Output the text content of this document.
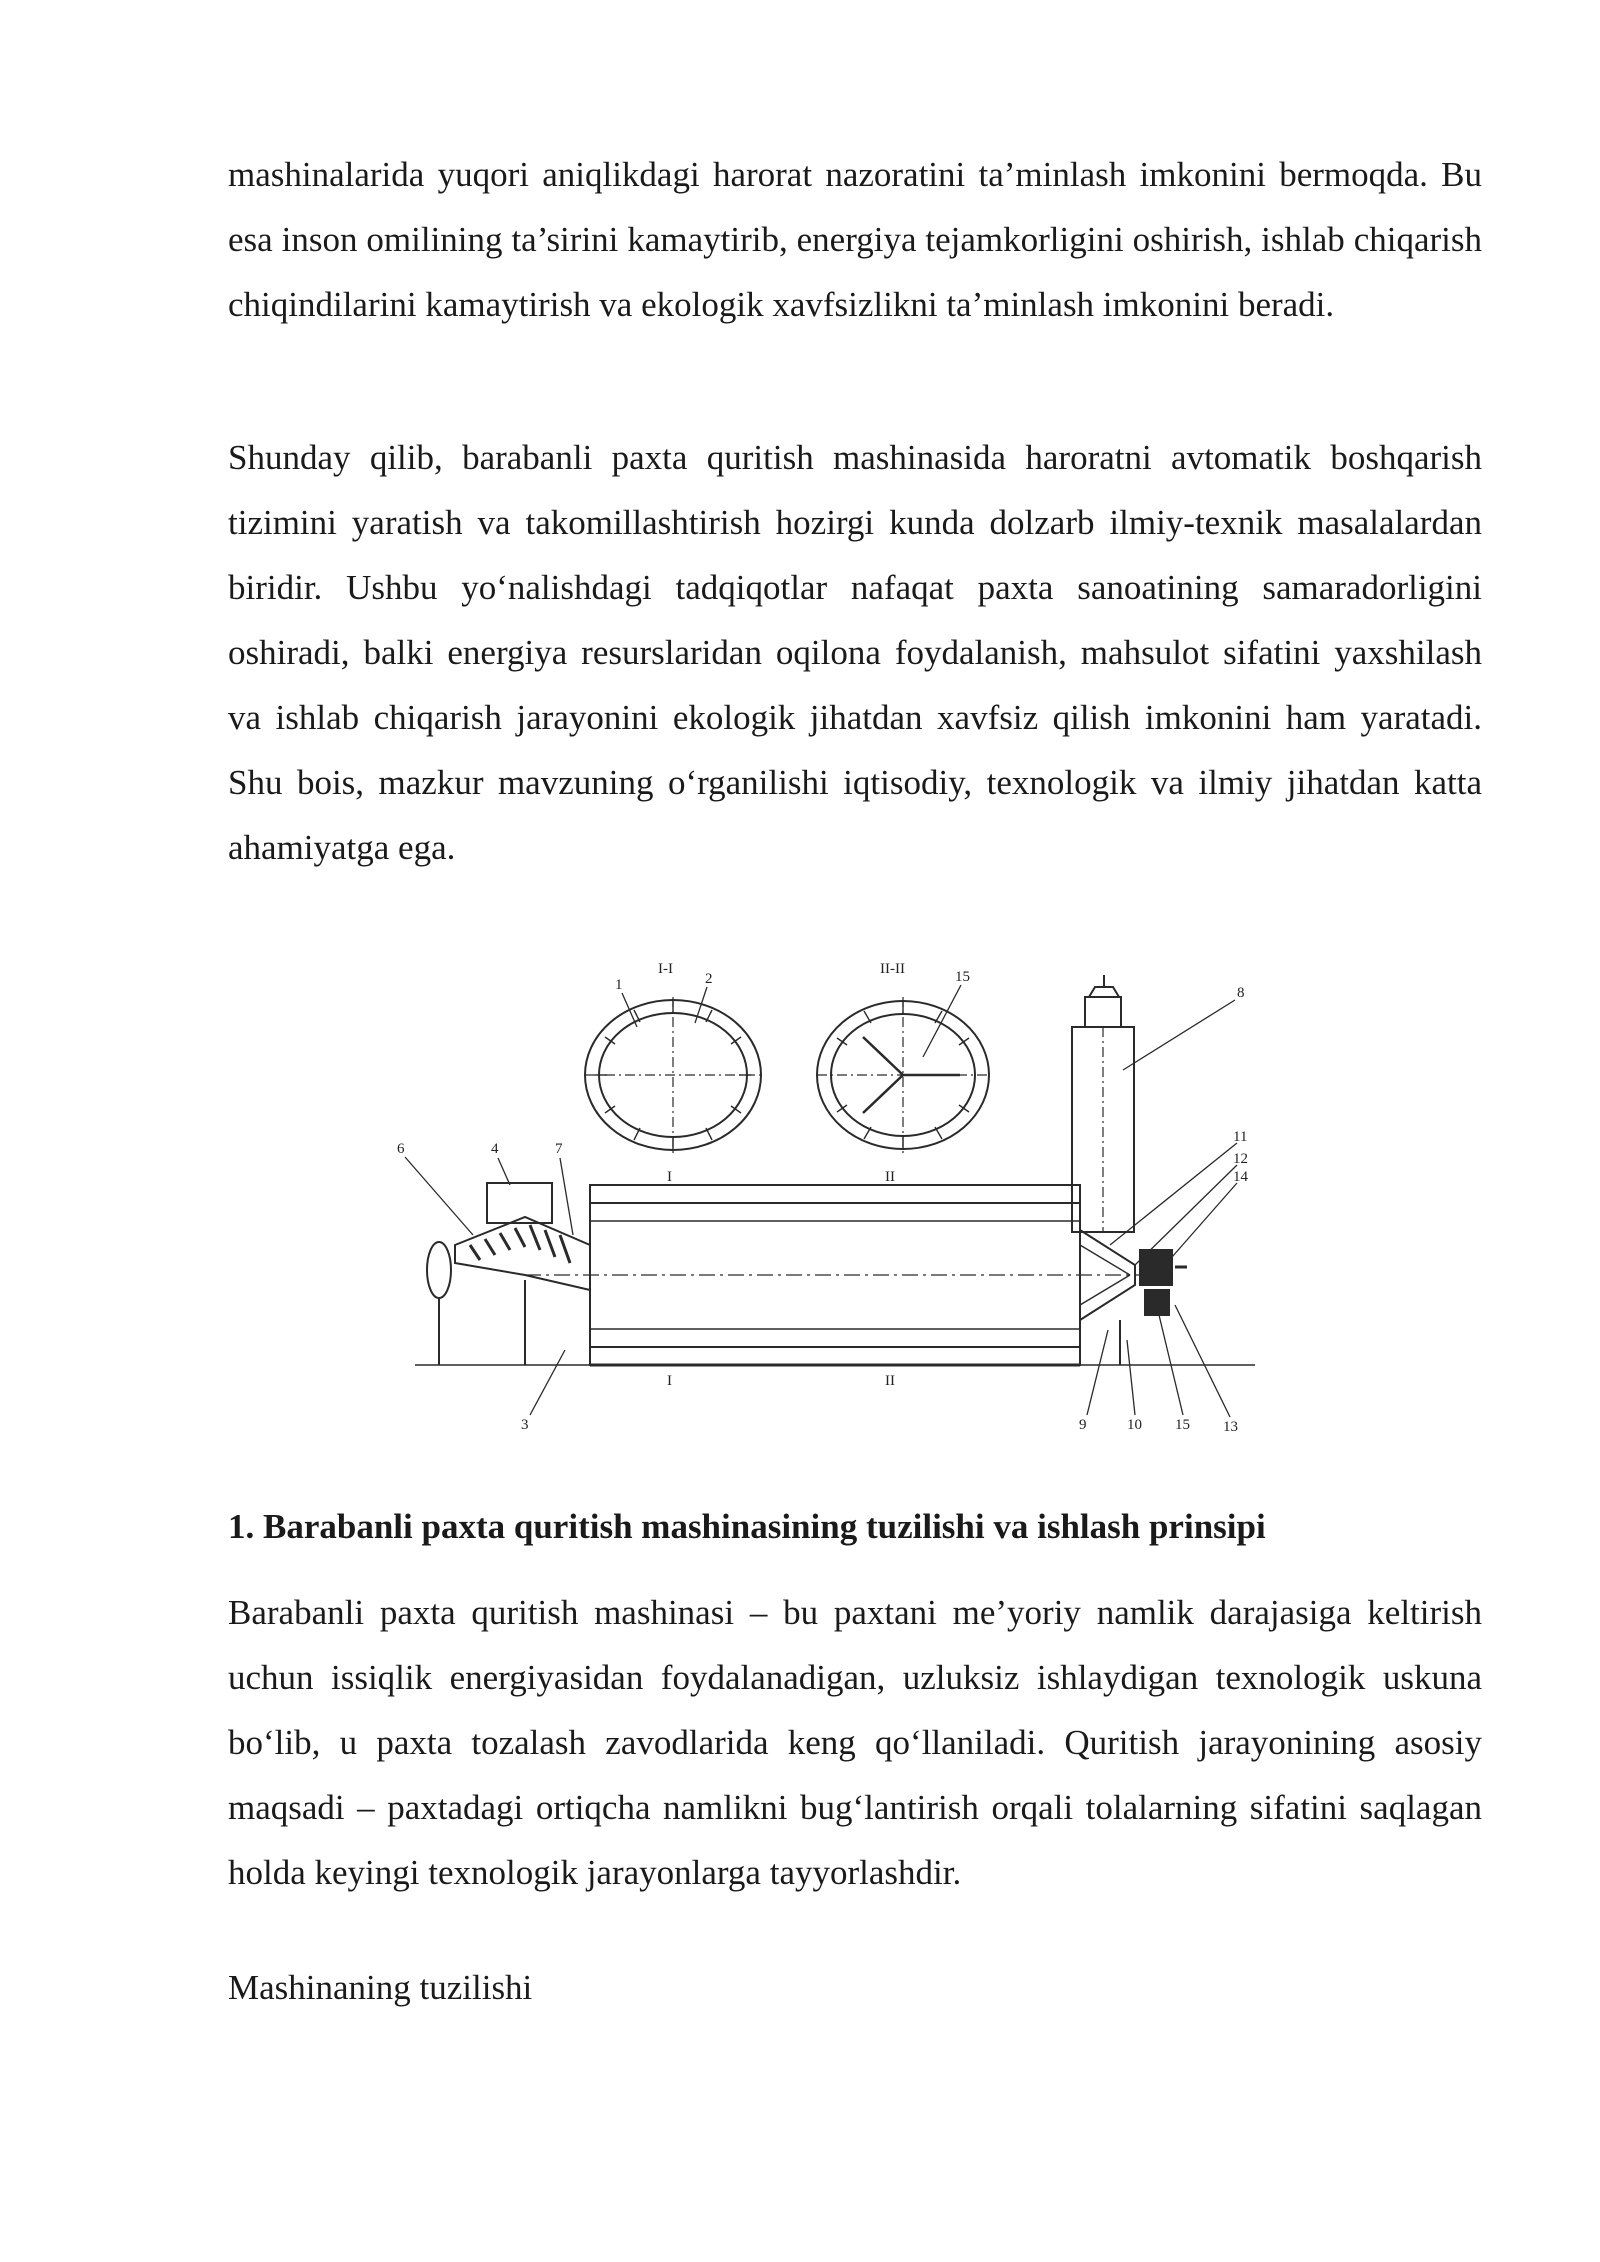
mashinalarida yuqori aniqlikdagi harorat nazoratini ta’minlash imkonini bermoqda. Bu esa inson omilining ta’sirini kamaytirib, energiya tejamkorligini oshirish, ishlab chiqarish chiqindilarini kamaytirish va ekologik xavfsizlikni ta’minlash imkonini beradi.

Shunday qilib, barabanli paxta quritish mashinasida haroratni avtomatik boshqarish tizimini yaratish va takomillashtirish hozirgi kunda dolzarb ilmiy-texnik masalalardan biridir. Ushbu yo‘nalishdagi tadqiqotlar nafaqat paxta sanoatining samaradorligini oshiradi, balki energiya resurslaridan oqilona foydalanish, mahsulot sifatini yaxshilash va ishlab chiqarish jarayonini ekologik jihatdan xavfsiz qilish imkonini ham yaratadi. Shu bois, mazkur mavzuning o‘rganilishi iqtisodiy, texnologik va ilmiy jihatdan katta ahamiyatga ega.

I-I	II-II
1	2	15
8
11
12
14
6	4	7
3	9	10 15 13
I	II
I	II
1. Barabanli paxta quritish mashinasining tuzilishi va ishlash prinsipi

Barabanli paxta quritish mashinasi – bu paxtani me’yoriy namlik darajasiga keltirish uchun issiqlik energiyasidan foydalanadigan, uzluksiz ishlaydigan texnologik uskuna bo‘lib, u paxta tozalash zavodlarida keng qo‘llaniladi. Quritish jarayonining asosiy maqsadi – paxtadagi ortiqcha namlikni bug‘lantirish orqali tolalarning sifatini saqlagan holda keyingi texnologik jarayonlarga tayyorlashdir.

Mashinaning tuzilishi
